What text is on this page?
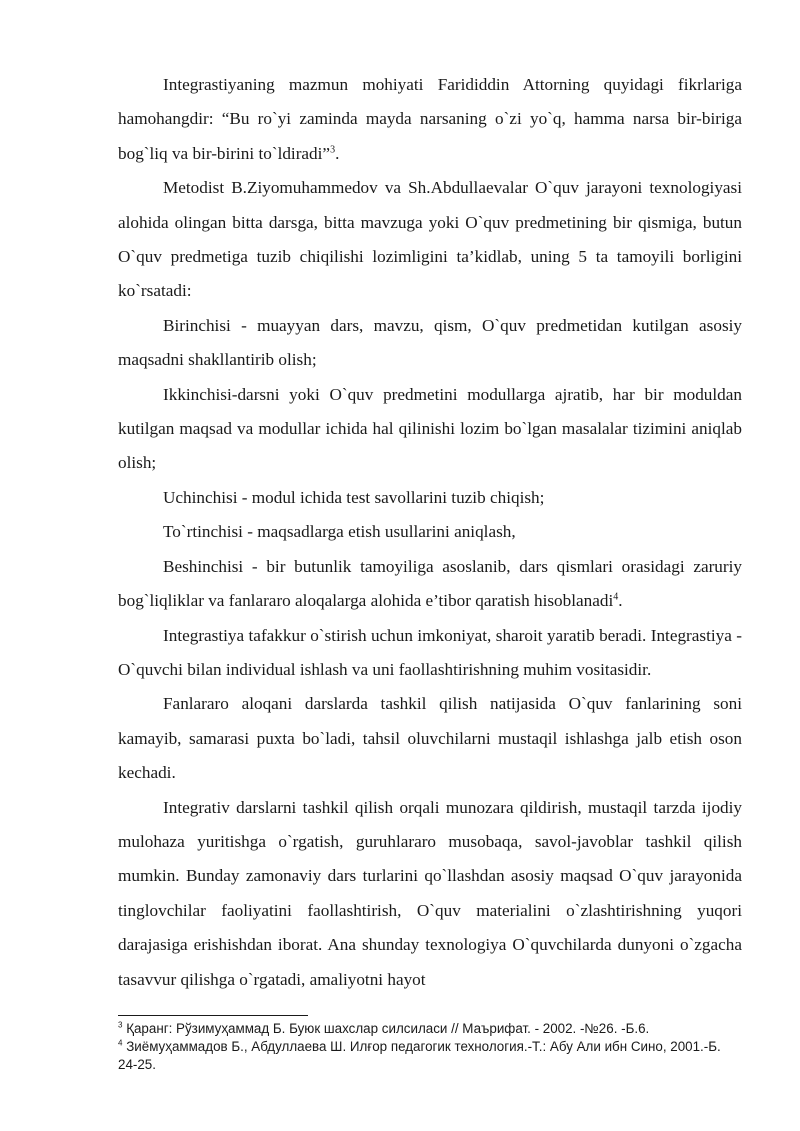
Integrastiyaning mazmun mohiyati Farididdin Attorning quyidagi fikrlariga hamohangdir: “Bu ro`yi zaminda mayda narsaning o`zi yo`q, hamma narsa bir-biriga bog`liq va bir-birini to`ldiradi”$^3$.

Metodist B.Ziyomuhammedov va Sh.Abdullaevalar O`quv jarayoni texnologiyasi alohida olingan bitta darsga, bitta mavzuga yoki O`quv predmetining bir qismiga, butun O`quv predmetiga tuzib chiqilishi lozimligini ta’kidlab, uning 5 ta tamoyili borligini ko`rsatadi:

Birinchisi - muayyan dars, mavzu, qism, O`quv predmetidan kutilgan asosiy maqsadni shakllantirib olish;

Ikkinchisi-darsni yoki O`quv predmetini modullarga ajratib, har bir moduldan kutilgan maqsad va modullar ichida hal qilinishi lozim bo`lgan masalalar tizimini aniqlab olish;

Uchinchisi - modul ichida test savollarini tuzib chiqish;

To`rtinchisi - maqsadlarga etish usullarini aniqlash,

Beshinchisi - bir butunlik tamoyiliga asoslanib, dars qismlari orasidagi zaruriy bog`liqliklar va fanlararo aloqalarga alohida e’tibor qaratish hisoblanadi$^4$.

Integrastiya tafakkur o`stirish uchun imkoniyat, sharoit yaratib beradi. Integrastiya - O`quvchi bilan individual ishlash va uni faollashtirishning muhim vositasidir.

Fanlararo aloqani darslarda tashkil qilish natijasida O`quv fanlarining soni kamayib, samarasi puxta bo`ladi, tahsil oluvchilarni mustaqil ishlashga jalb etish oson kechadi.

Integrativ darslarni tashkil qilish orqali munozara qildirish, mustaqil tarzda ijodiy mulohaza yuritishga o`rgatish, guruhlararo musobaqa, savol-javoblar tashkil qilish mumkin. Bunday zamonaviy dars turlarini qo`llashdan asosiy maqsad O`quv jarayonida tinglovchilar faoliyatini faollashtirish, O`quv materialini o`zlashtirishning yuqori darajasiga erishishdan iborat. Ana shunday texnologiya O`quvchilarda dunyoni o`zgacha tasavvur qilishga o`rgatadi, amaliyotni hayot

$^3$ Қаранг: Рўзимуҳаммад Б. Буюк шахслар силсиласи // Маърифат. - 2002. -№26. -Б.6.

$^4$ Зиёмуҳаммадов Б., Абдуллаева Ш. Илғор педагогик технология.-Т.: Абу Али ибн Сино, 2001.-Б. 24-25.
